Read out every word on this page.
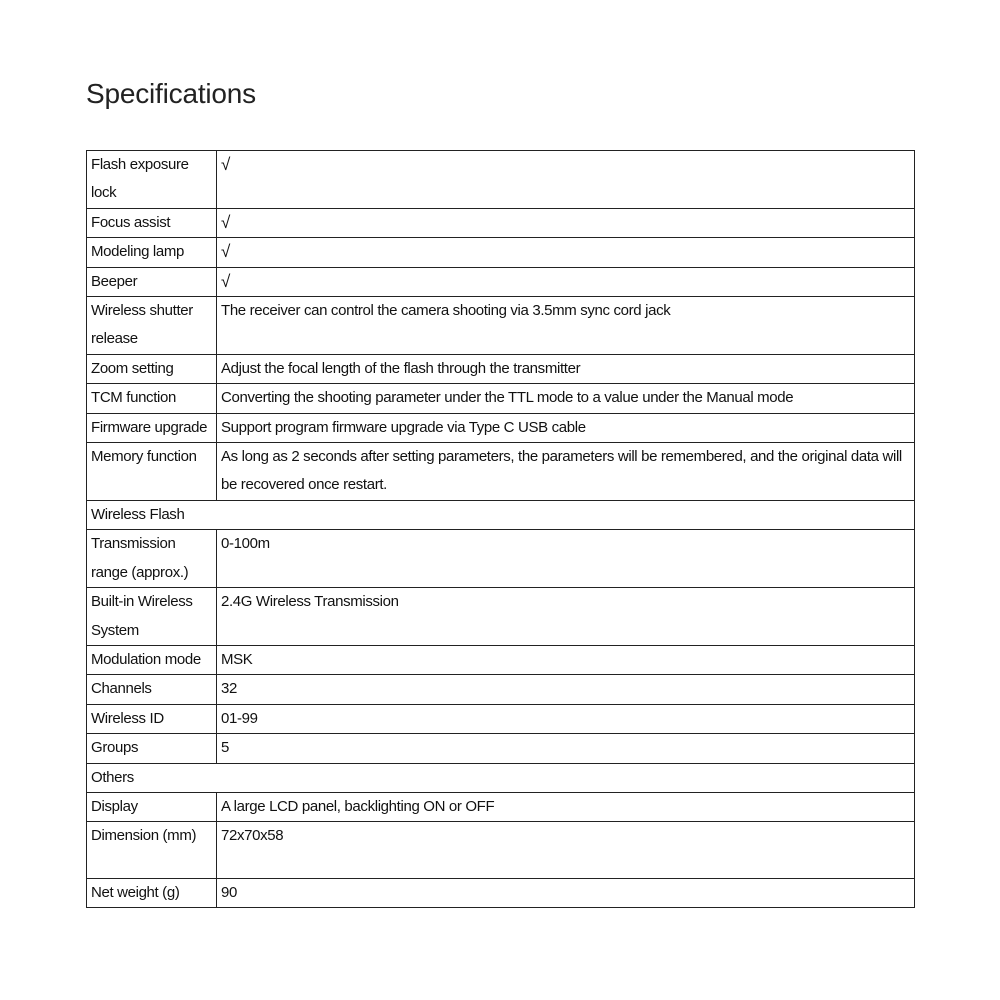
Specifications
Flash exposure lock	√
Focus assist	√
Modeling lamp	√
Beeper	√
Wireless shutter release	The receiver can control the camera shooting via 3.5mm sync cord jack
Zoom setting	Adjust the focal length of the flash through the transmitter
TCM function	Converting the shooting parameter under the TTL mode to a value under the Manual mode
Firmware upgrade	Support program firmware upgrade via Type C USB cable
Memory function	As long as 2 seconds after setting parameters, the parameters will be remembered, and the original data will be recovered once restart.
Wireless Flash	
Transmission range (approx.)	0-100m
Built-in Wireless System	2.4G Wireless Transmission
Modulation mode	MSK
Channels	32
Wireless ID	01-99
Groups	5
Others	
Display	A large LCD panel, backlighting ON or OFF
Dimension (mm)	72x70x58
Net weight (g)	90
